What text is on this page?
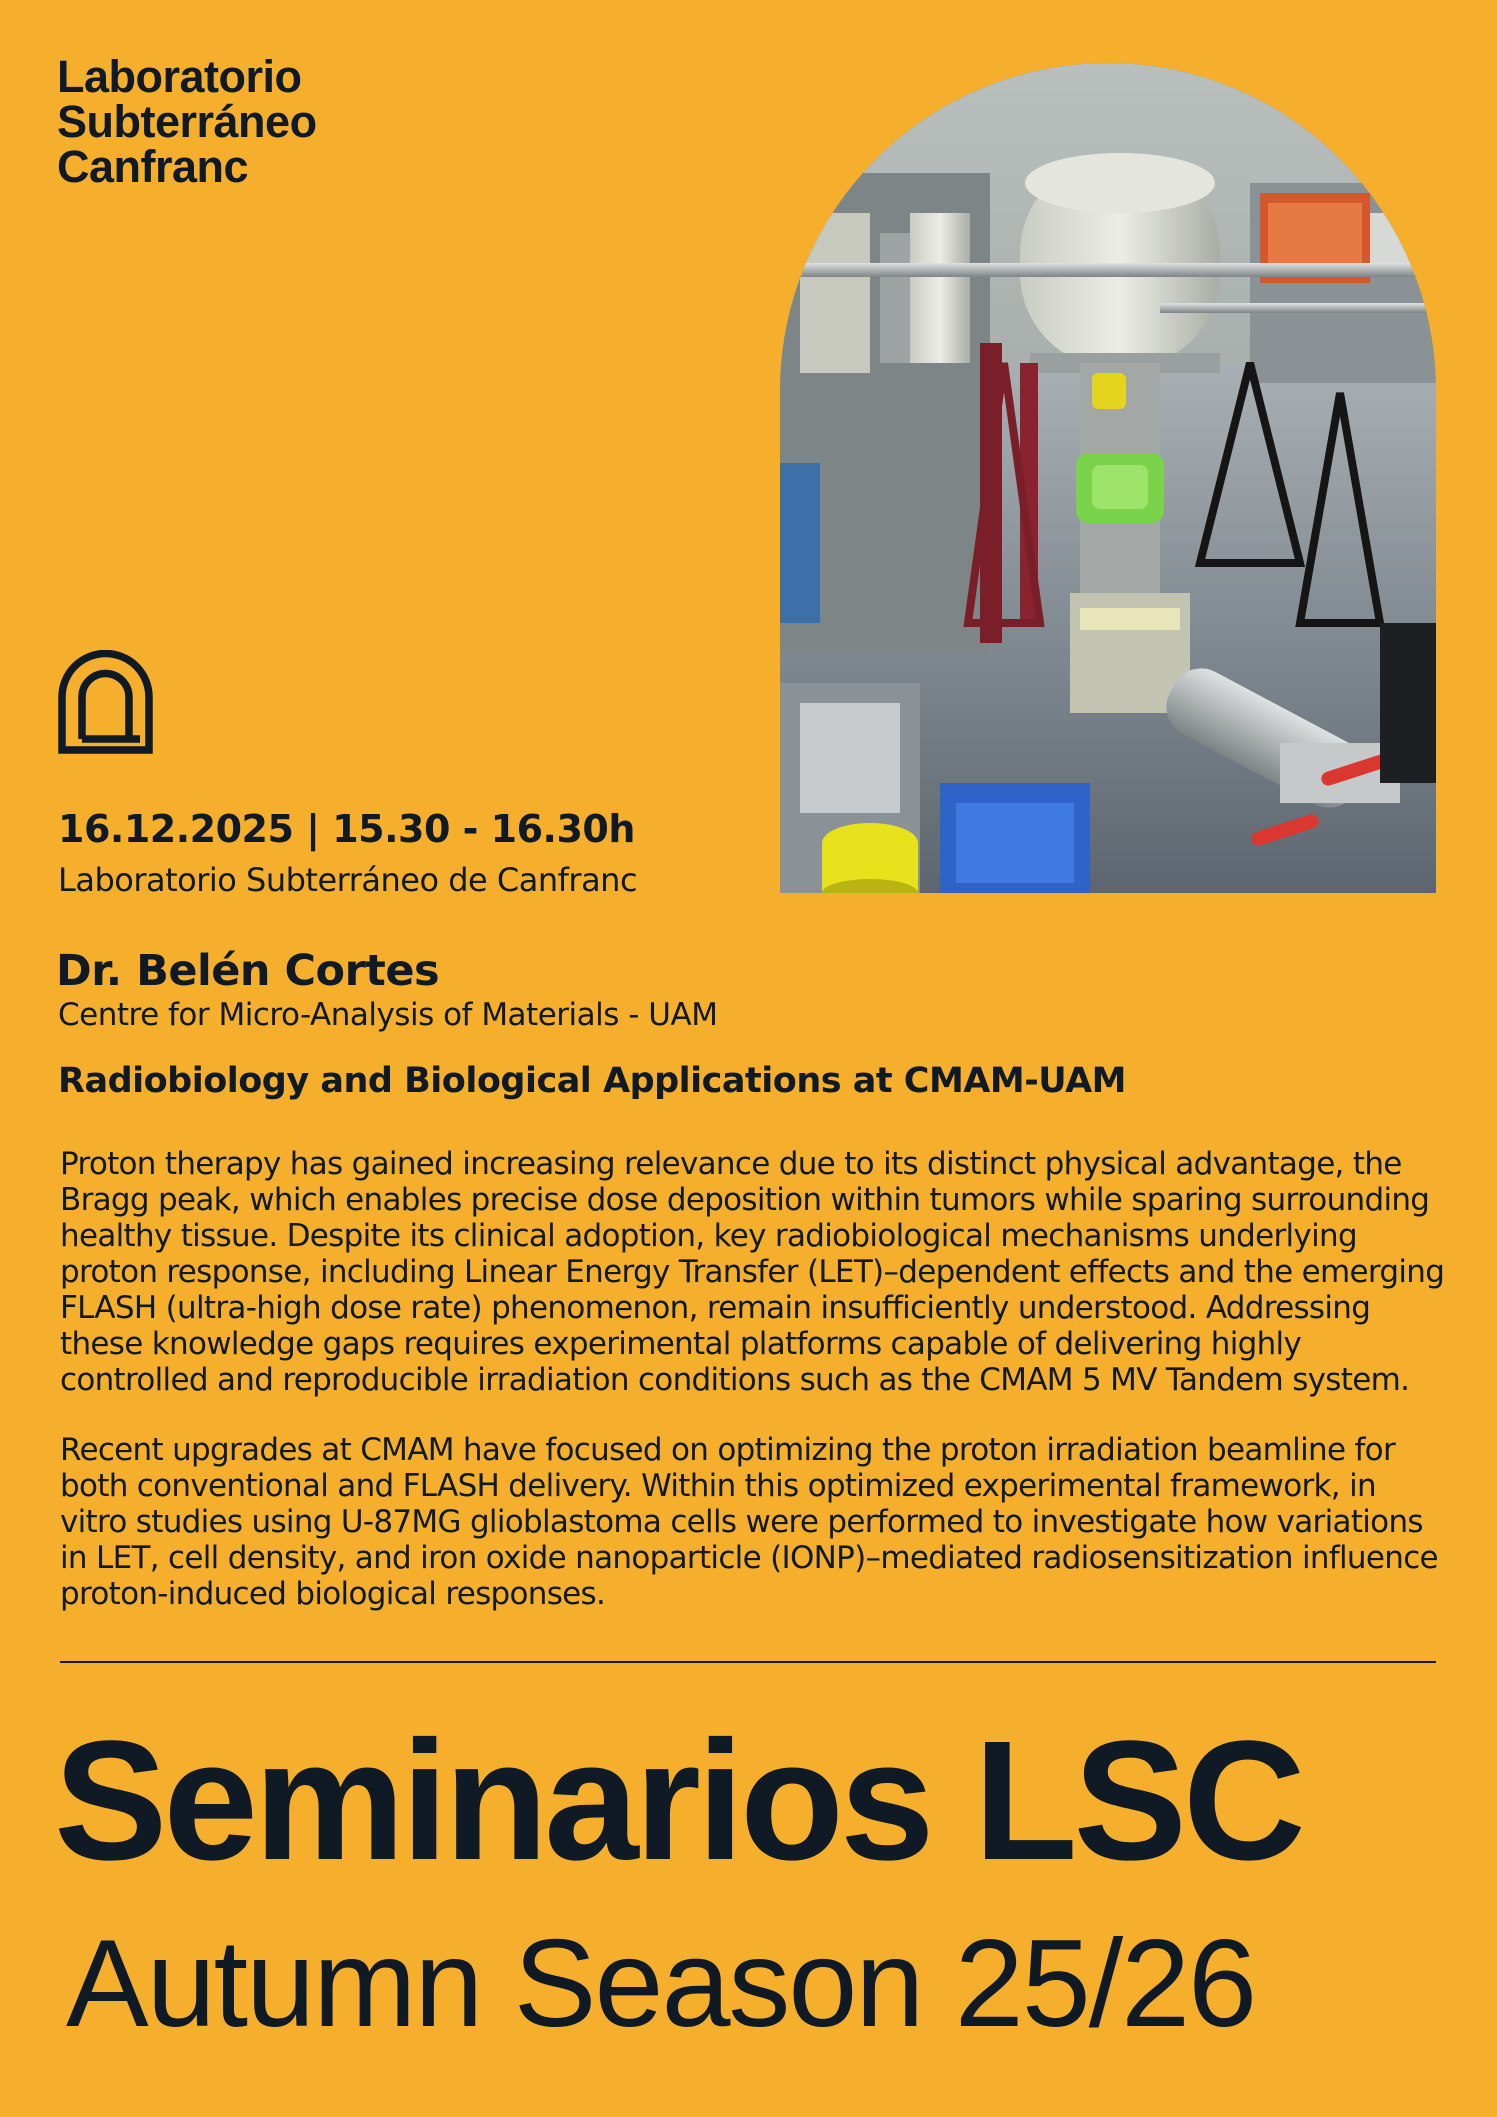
Laboratorio
Subterráneo
Canfranc
16.12.2025 | 15.30 - 16.30h
Laboratorio Subterráneo de Canfranc
Dr. Belén Cortes
Centre for Micro-Analysis of Materials - UAM
Radiobiology and Biological Applications at CMAM-UAM

Proton therapy has gained increasing relevance due to its distinct physical advantage, the Bragg peak, which enables precise dose deposition within tumors while sparing surrounding healthy tissue. Despite its clinical adoption, key radiobiological mechanisms underlying proton response, including Linear Energy Transfer (LET)–dependent effects and the emerging FLASH (ultra-high dose rate) phenomenon, remain insufficiently understood. Addressing these knowledge gaps requires experimental platforms capable of delivering highly controlled and reproducible irradiation conditions such as the CMAM 5 MV Tandem system.

Recent upgrades at CMAM have focused on optimizing the proton irradiation beamline for both conventional and FLASH delivery. Within this optimized experimental framework, in vitro studies using U-87MG glioblastoma cells were performed to investigate how variations in LET, cell density, and iron oxide nanoparticle (IONP)–mediated radiosensitization influence proton-induced biological responses.

Seminarios LSC
Autumn Season 25/26
